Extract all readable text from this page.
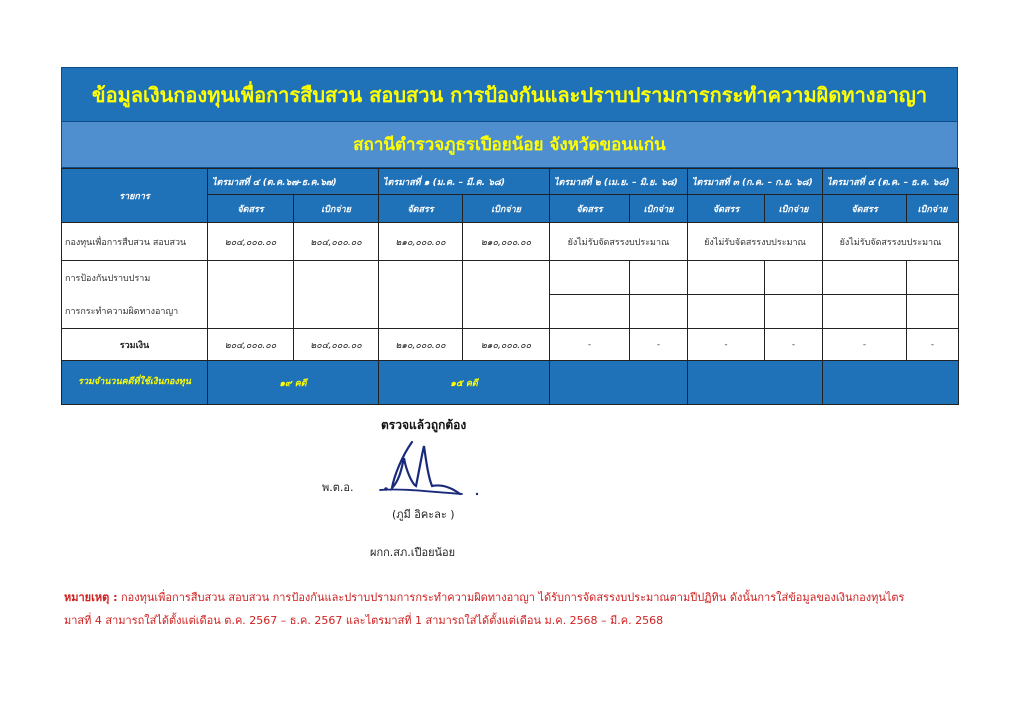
ข้อมูลเงินกองทุนเพื่อการสืบสวน สอบสวน การป้องกันและปราบปรามการกระทำความผิดทางอาญา
สถานีตำรวจภูธรเปือยน้อย จังหวัดขอนแก่น
รายการ	ไตรมาสที่ ๔ (ต.ค.๖๗-ธ.ค.๖๗)		ไตรมาสที่ ๑ (ม.ค. – มี.ค. ๖๘)		ไตรมาสที่ ๒ (เม.ย. – มิ.ย. ๖๘)		ไตรมาสที่ ๓ (ก.ค. – ก.ย. ๖๘)		ไตรมาสที่ ๔ (ต.ค. – ธ.ค. ๖๘)	
	จัดสรร	เบิกจ่าย	จัดสรร	เบิกจ่าย	จัดสรร	เบิกจ่าย	จัดสรร	เบิกจ่าย	จัดสรร	เบิกจ่าย
กองทุนเพื่อการสืบสวน สอบสวน	๒๐๔,๐๐๐.๐๐	๒๐๔,๐๐๐.๐๐	๒๑๐,๐๐๐.๐๐	๒๑๐,๐๐๐.๐๐	ยังไม่รับจัดสรรงบประมาณ		ยังไม่รับจัดสรรงบประมาณ		ยังไม่รับจัดสรรงบประมาณ	
การป้องกันปราบปราม										
การกระทำความผิดทางอาญา										
รวมเงิน	๒๐๔,๐๐๐.๐๐	๒๐๔,๐๐๐.๐๐	๒๑๐,๐๐๐.๐๐	๒๑๐,๐๐๐.๐๐	-	-	-	-	-	-
รวมจำนวนคดีที่ใช้เงินกองทุน	๑๙ คดี		๑๕ คดี							
ตรวจแล้วถูกต้อง
พ.ต.อ.
(ภูมี อิคะละ )
ผกก.สภ.เปือยน้อย
หมายเหตุ : กองทุนเพื่อการสืบสวน สอบสวน การป้องกันและปราบปรามการกระทำความผิดทางอาญา ได้รับการจัดสรรงบประมาณตามปีปฏิทิน ดังนั้นการใส่ข้อมูลของเงินกองทุนไตร
มาสที่ 4 สามารถใส่ได้ตั้งแต่เดือน ต.ค. 2567 – ธ.ค. 2567 และไตรมาสที่ 1 สามารถใส่ได้ตั้งแต่เดือน ม.ค. 2568 – มี.ค. 2568
